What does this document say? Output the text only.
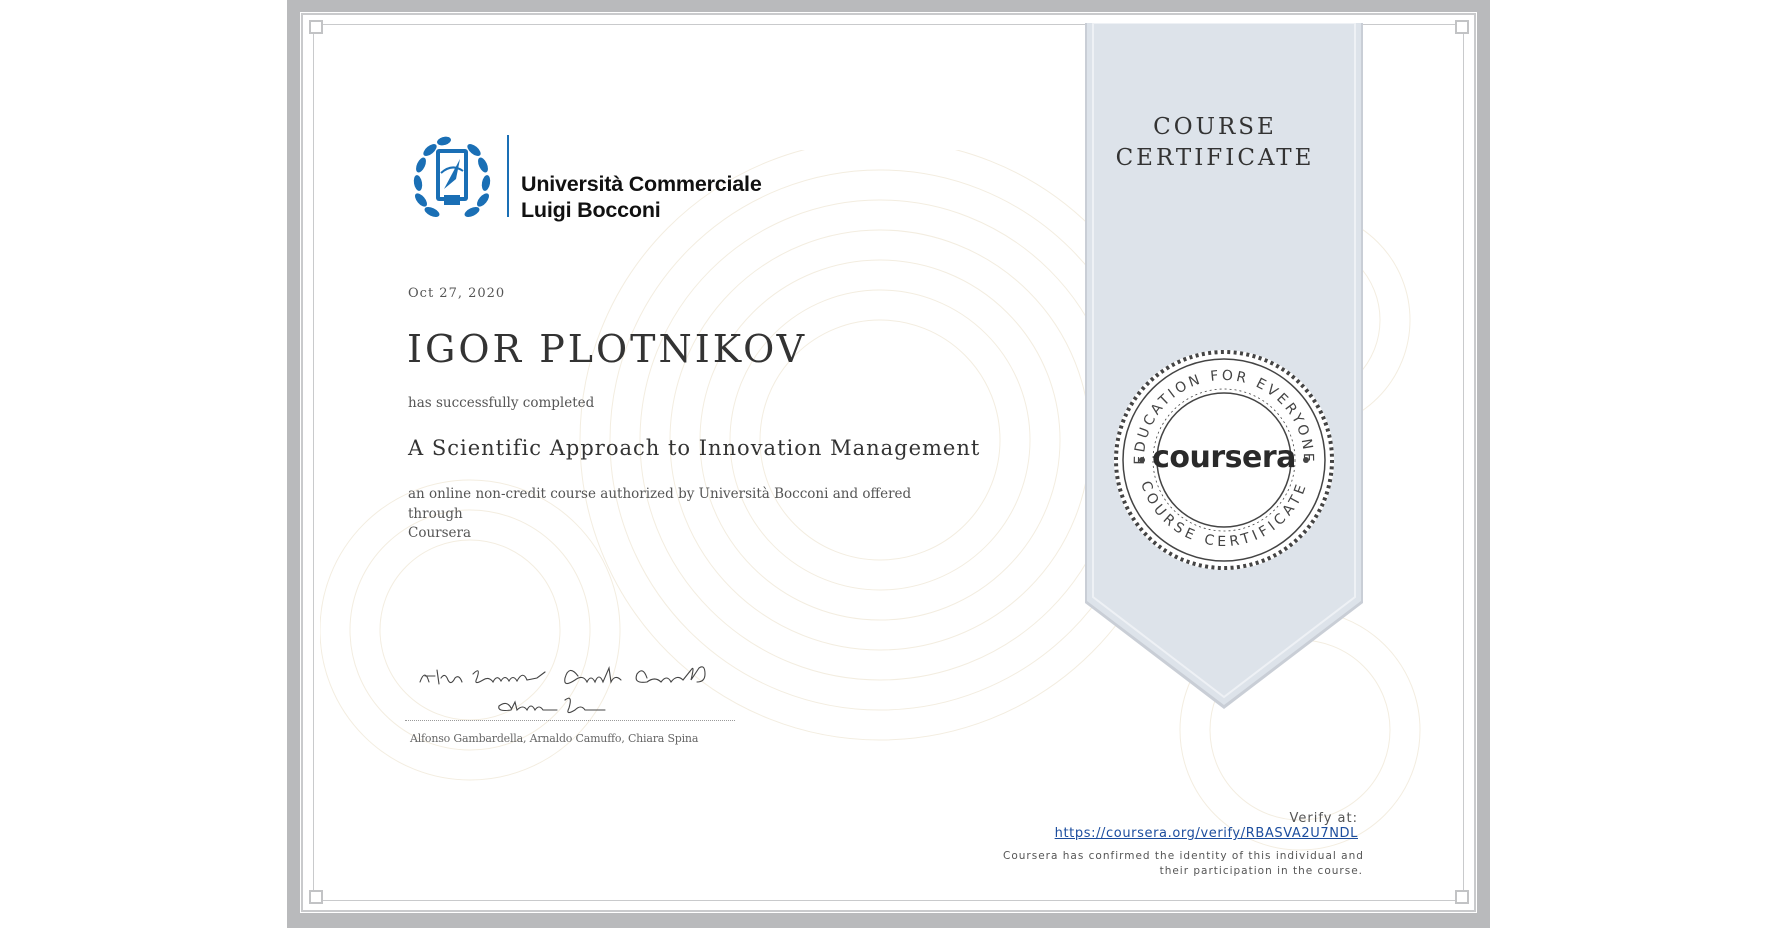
Università Commerciale
Luigi Bocconi
Oct 27, 2020
IGOR PLOTNIKOV
has successfully completed
A Scientific Approach to Innovation Management
an online non-credit course authorized by Università Bocconi and offered through
Coursera
Alfonso Gambardella, Arnaldo Camuffo, Chiara Spina
COURSE
CERTIFICATE
EDUCATION FOR EVERYONE
COURSE CERTIFICATE
coursera
Verify at:
https://coursera.org/verify/RBASVA2U7NDL
Coursera has confirmed the identity of this individual and
their participation in the course.
